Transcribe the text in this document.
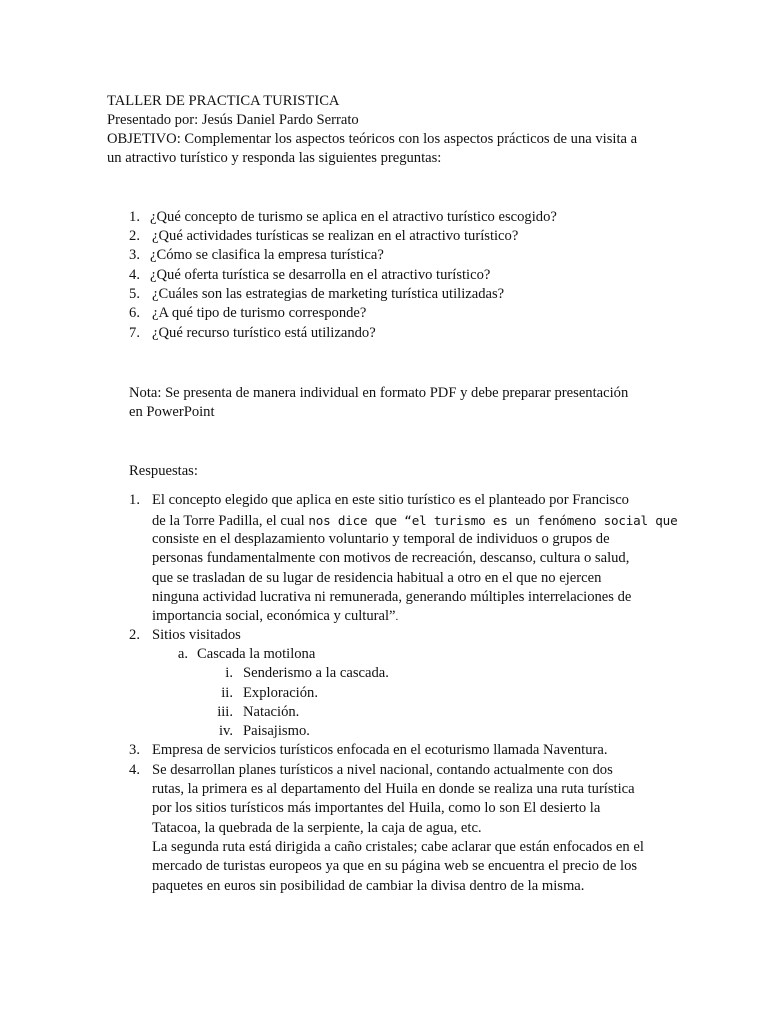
TALLER DE PRACTICA TURISTICA
Presentado por: Jesús Daniel Pardo Serrato
OBJETIVO: Complementar los aspectos teóricos con los aspectos prácticos de una visita a
un atractivo turístico y responda las siguientes preguntas:
1. ¿Qué concepto de turismo se aplica en el atractivo turístico escogido?
2. ¿Qué actividades turísticas se realizan en el atractivo turístico?
3. ¿Cómo se clasifica la empresa turística?
4. ¿Qué oferta turística se desarrolla en el atractivo turístico?
5. ¿Cuáles son las estrategias de marketing turística utilizadas?
6. ¿A qué tipo de turismo corresponde?
7. ¿Qué recurso turístico está utilizando?
Nota: Se presenta de manera individual en formato PDF y debe preparar presentación
en PowerPoint
Respuestas:
1. El concepto elegido que aplica en este sitio turístico es el planteado por Francisco
de la Torre Padilla, el cual nos dice que “el turismo es un fenómeno social que
consiste en el desplazamiento voluntario y temporal de individuos o grupos de
personas fundamentalmente con motivos de recreación, descanso, cultura o salud,
que se trasladan de su lugar de residencia habitual a otro en el que no ejercen
ninguna actividad lucrativa ni remunerada, generando múltiples interrelaciones de
importancia social, económica y cultural”.
2. Sitios visitados
a. Cascada la motilona
i. Senderismo a la cascada.
ii. Exploración.
iii. Natación.
iv. Paisajismo.
3. Empresa de servicios turísticos enfocada en el ecoturismo llamada Naventura.
4. Se desarrollan planes turísticos a nivel nacional, contando actualmente con dos
rutas, la primera es al departamento del Huila en donde se realiza una ruta turística
por los sitios turísticos más importantes del Huila, como lo son El desierto la
Tatacoa, la quebrada de la serpiente, la caja de agua, etc.
La segunda ruta está dirigida a caño cristales; cabe aclarar que están enfocados en el
mercado de turistas europeos ya que en su página web se encuentra el precio de los
paquetes en euros sin posibilidad de cambiar la divisa dentro de la misma.
